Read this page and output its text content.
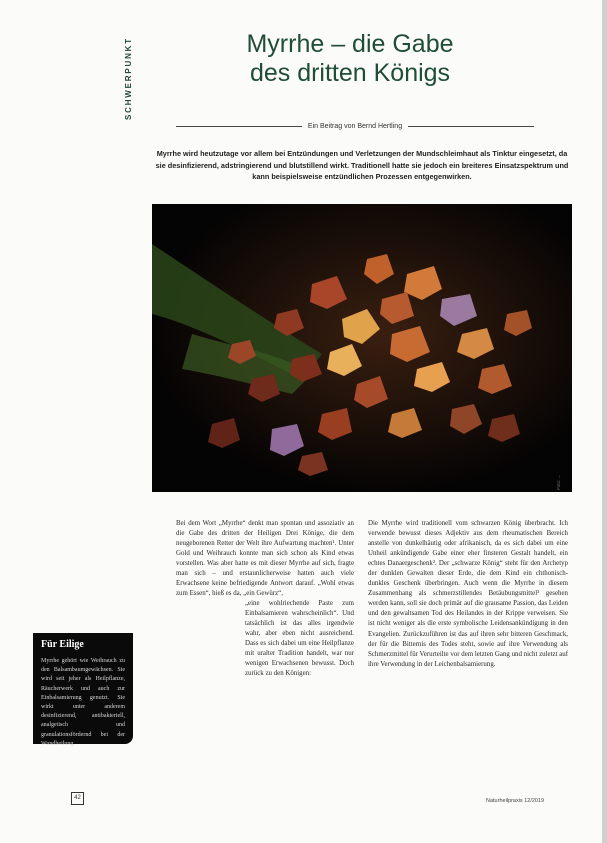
SCHWERPUNKT	Myrrhe – die Gabe
des dritten Königs
Ein Beitrag von Bernd Hertling
Myrrhe wird heutzutage vor allem bei Entzündungen und Verletzungen der Mundschleimhaut als Tinktur eingesetzt, da sie desinfizierend, adstringierend und blutstillend wirkt. Traditionell hatte sie jedoch ein breiteres Einsatzspektrum und kann beispielsweise entzündlichen Prozessen entgegenwirken.
Foto: ...
Bei dem Wort „Myrrhe“ denkt man spontan und assoziativ an die Gabe des dritten der Heiligen Drei Könige, die dem neugeborenen Retter der Welt ihre Aufwartung machten¹. Unter Gold und Weihrauch konnte man sich schon als Kind etwas vorstellen. Was aber hatte es mit dieser Myrrhe auf sich, fragte man sich – und erstaunlicherweise hatten auch viele Erwachsene keine befriedigende Antwort darauf. „Wohl etwas zum Essen“, hieß es da, „ein Gewürz“,
„eine wohlriechende Paste zum Einbalsamieren wahrscheinlich“. Und tatsächlich ist das alles irgendwie wahr, aber eben nicht ausreichend. Dass es sich dabei um eine Heilpflanze mit uralter Tradition handelt, war nur wenigen Erwachsenen bewusst. Doch zurück zu den Königen:
Die Myrrhe wird traditionell vom schwarzen König überbracht. Ich verwende bewusst dieses Adjektiv aus dem rheumatischen Bereich anstelle von dunkelhäutig oder afrikanisch, da es sich dabei um eine Unheil ankündigende Gabe einer eher finsteren Gestalt handelt, ein echtes Danaergeschenk². Der „schwarze König“ steht für den Archetyp der dunklen Gewalten dieser Erde, die dem Kind ein chthonisch-dunkles Geschenk überbringen. Auch wenn die Myrrhe in diesem Zusammenhang als schmerzstillendes Betäubungsmittel³ gesehen werden kann, soll sie doch primär auf die grausame Passion, das Leiden und den gewaltsamen Tod des Heilandes in der Krippe verweisen. Sie ist nicht weniger als die erste symbolische Leidensankündigung in den Evangelien. Zurückzuführen ist das auf ihren sehr bitteren Geschmack, der für die Bitternis des Todes steht, sowie auf ihre Verwendung als Schmerzmittel für Verurteilte vor dem letzten Gang und nicht zuletzt auf ihre Verwendung in der Leichenbalsamierung.
Für Eilige

Myrrhe gehört wie Weihrauch zu den Balsambaumgewächsen. Sie wird seit jeher als Heilpflanze, Räucherwerk und auch zur Einbalsamierung genutzt. Sie wirkt unter anderem desinfizierend, antibakteriell, analgetisch und granulationsfördernd bei der Wundheilung.

42	Naturheilpraxis 12/2019
